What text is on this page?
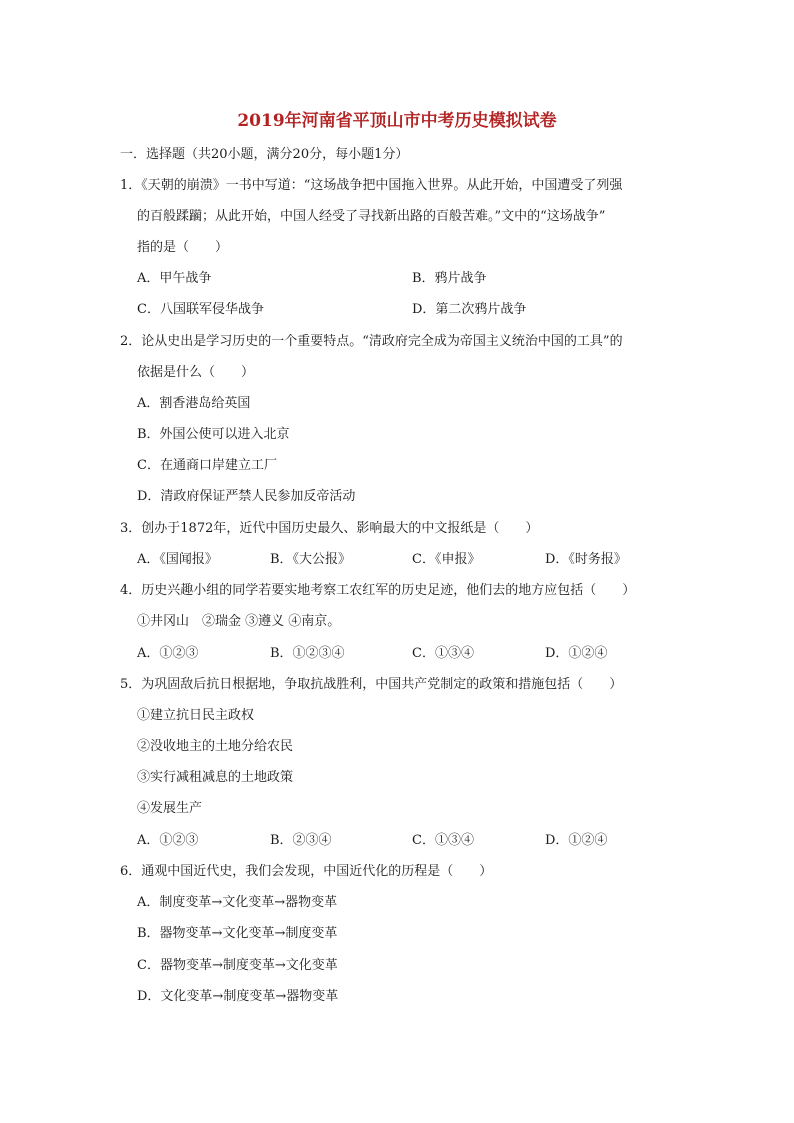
2019年河南省平顶山市中考历史模拟试卷
一．选择题（共20小题，满分20分，每小题1分）
1．《天朝的崩溃》一书中写道：“这场战争把中国拖入世界。从此开始，中国遭受了列强
的百般蹂躏；从此开始，中国人经受了寻找新出路的百般苦难。”文中的“这场战争”
指的是（　　）
A．甲午战争	B．鸦片战争
C．八国联军侵华战争	D．第二次鸦片战争
2．论从史出是学习历史的一个重要特点。“清政府完全成为帝国主义统治中国的工具”的
依据是什么（　　）
A．割香港岛给英国
B．外国公使可以进入北京
C．在通商口岸建立工厂
D．清政府保证严禁人民参加反帝活动
3．创办于1872年，近代中国历史最久、影响最大的中文报纸是（　　）
A．《国闻报》	B．《大公报》	C．《申报》	D．《时务报》
4．历史兴趣小组的同学若要实地考察工农红军的历史足迹，他们去的地方应包括（　　）
①井冈山　②瑞金 ③遵义 ④南京。
A．①②③	B．①②③④	C．①③④	D．①②④
5．为巩固敌后抗日根据地，争取抗战胜利，中国共产党制定的政策和措施包括（　　）
①建立抗日民主政权
②没收地主的土地分给农民
③实行减租减息的土地政策
④发展生产
A．①②③	B．②③④	C．①③④	D．①②④
6．通观中国近代史，我们会发现，中国近代化的历程是（　　）
A．制度变革→文化变革→器物变革
B．器物变革→文化变革→制度变革
C．器物变革→制度变革→文化变革
D．文化变革→制度变革→器物变革
